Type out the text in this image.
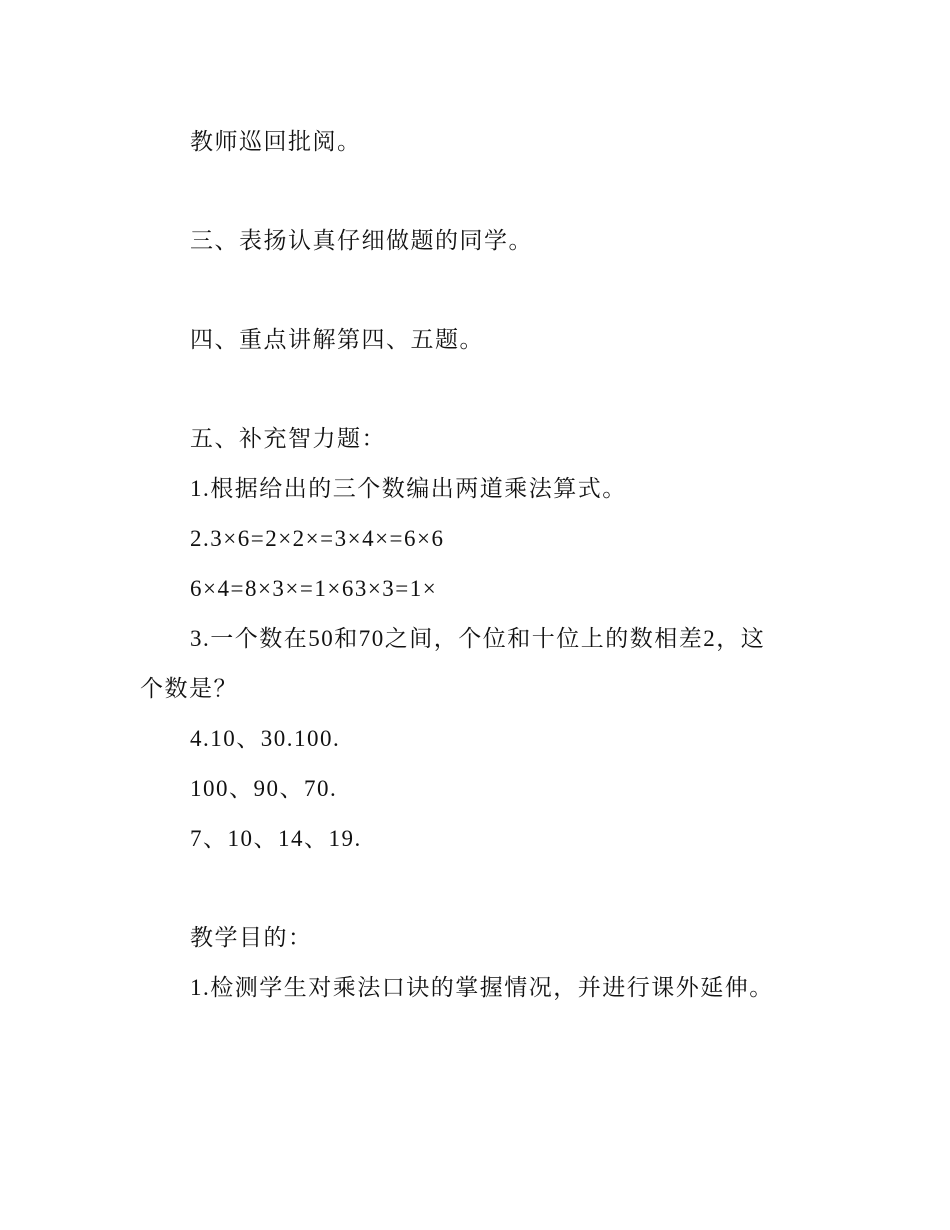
教师巡回批阅。
三、表扬认真仔细做题的同学。
四、重点讲解第四、五题。
五、补充智力题：
1.根据给出的三个数编出两道乘法算式。
2.3×6=2×2×=3×4×=6×6
6×4=8×3×=1×63×3=1×
3.一个数在50和70之间，个位和十位上的数相差2，这
个数是？
4.10、30.100.
100、90、70.
7、10、14、19.
教学目的：
1.检测学生对乘法口诀的掌握情况，并进行课外延伸。
